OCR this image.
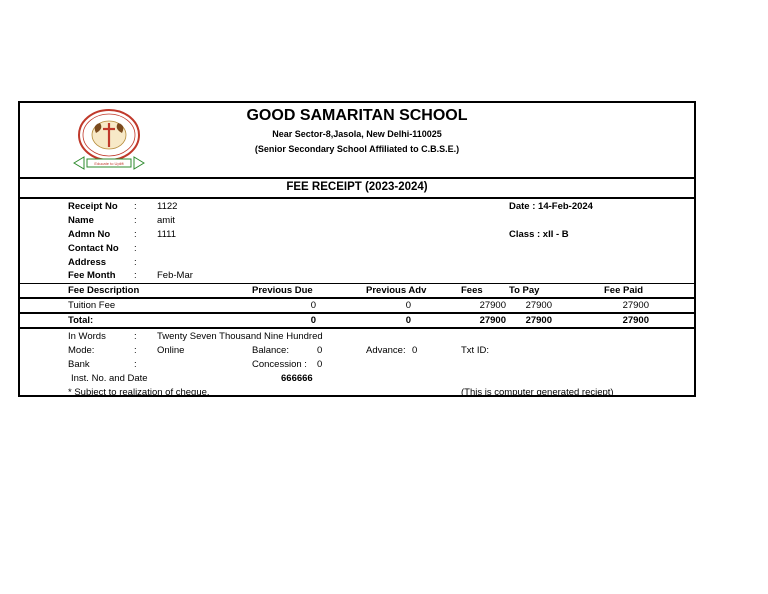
Educate to Uplift
GOOD SAMARITAN SCHOOL
Near Sector-8,Jasola, New Delhi-110025
(Senior Secondary School Affiliated to C.B.S.E.)
FEE RECEIPT (2023-2024)
Receipt No : 1122	Date : 14-Feb-2024
Name	: amit
Admn No	: 1111	Class : xII - B
Contact No :
Address	:
Fee Month : Feb-Mar
Fee Description	Previous Due	Previous Adv	Fees	To Pay	Fee Paid
Tuition Fee	0	0	27900	27900	27900
Total:	0	0	27900	27900	27900
In Words	: Twenty Seven Thousand Nine Hundred
Mode:	: Online	Balance:	0	Advance: 0	Txt ID:
Bank	:	Concession : 0
Inst. No. and Date	666666
* Subject to realization of cheque.	(This is computer generated reciept)
